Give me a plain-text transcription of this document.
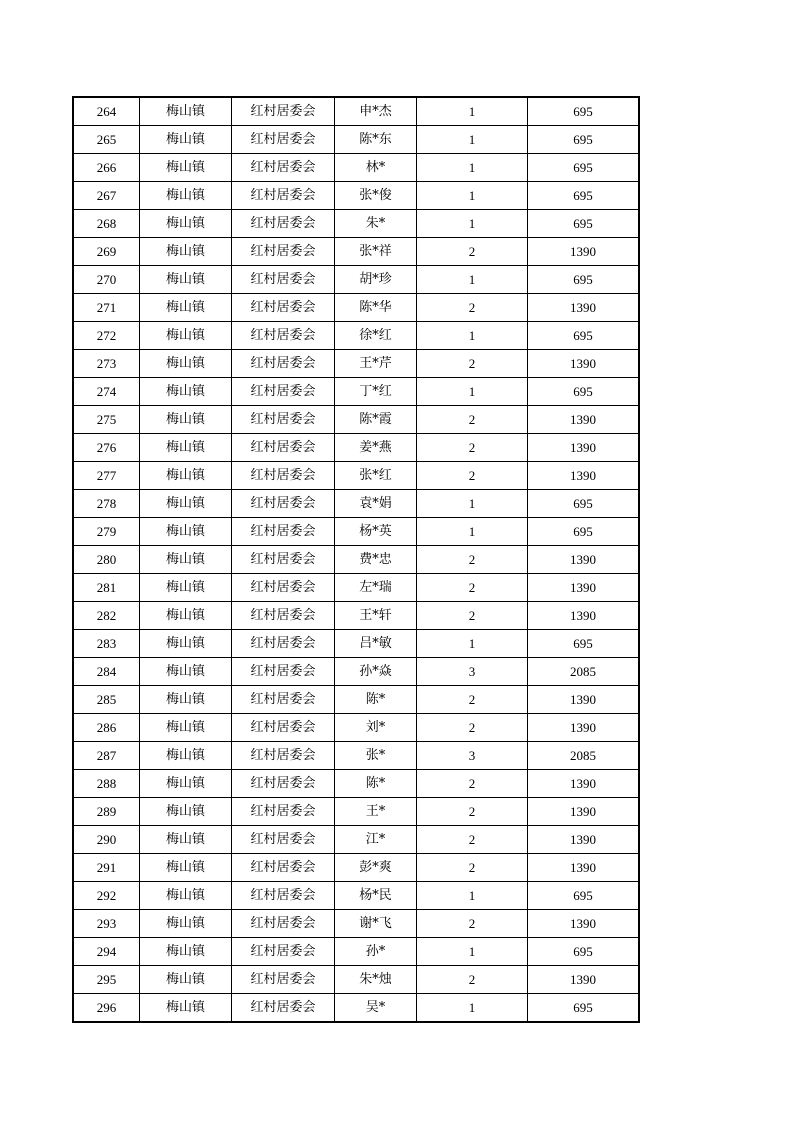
264	梅山镇	红村居委会	申*杰	1	695
265	梅山镇	红村居委会	陈*东	1	695
266	梅山镇	红村居委会	林*	1	695
267	梅山镇	红村居委会	张*俊	1	695
268	梅山镇	红村居委会	朱*	1	695
269	梅山镇	红村居委会	张*祥	2	1390
270	梅山镇	红村居委会	胡*珍	1	695
271	梅山镇	红村居委会	陈*华	2	1390
272	梅山镇	红村居委会	徐*红	1	695
273	梅山镇	红村居委会	王*芹	2	1390
274	梅山镇	红村居委会	丁*红	1	695
275	梅山镇	红村居委会	陈*霞	2	1390
276	梅山镇	红村居委会	姜*燕	2	1390
277	梅山镇	红村居委会	张*红	2	1390
278	梅山镇	红村居委会	袁*娟	1	695
279	梅山镇	红村居委会	杨*英	1	695
280	梅山镇	红村居委会	费*忠	2	1390
281	梅山镇	红村居委会	左*瑞	2	1390
282	梅山镇	红村居委会	王*轩	2	1390
283	梅山镇	红村居委会	吕*敏	1	695
284	梅山镇	红村居委会	孙*焱	3	2085
285	梅山镇	红村居委会	陈*	2	1390
286	梅山镇	红村居委会	刘*	2	1390
287	梅山镇	红村居委会	张*	3	2085
288	梅山镇	红村居委会	陈*	2	1390
289	梅山镇	红村居委会	王*	2	1390
290	梅山镇	红村居委会	江*	2	1390
291	梅山镇	红村居委会	彭*爽	2	1390
292	梅山镇	红村居委会	杨*民	1	695
293	梅山镇	红村居委会	谢*飞	2	1390
294	梅山镇	红村居委会	孙*	1	695
295	梅山镇	红村居委会	朱*烛	2	1390
296	梅山镇	红村居委会	吴*	1	695
